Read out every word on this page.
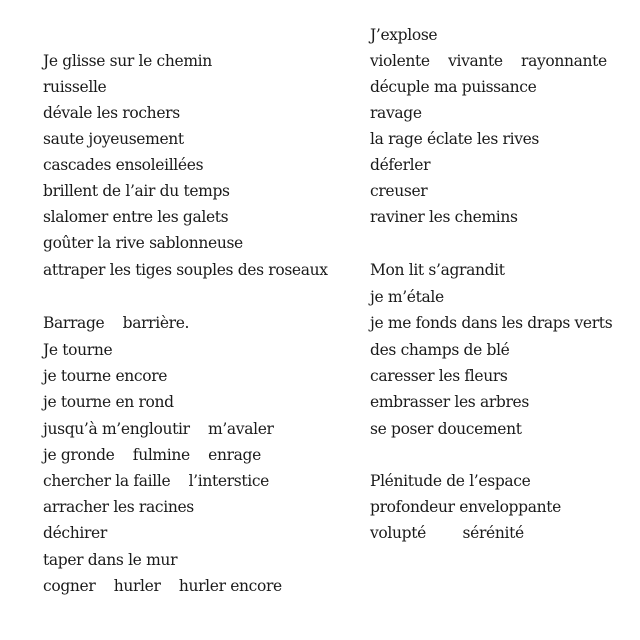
Je glisse sur le chemin
ruisselle
dévale les rochers
saute joyeusement
cascades ensoleillées
brillent de l’air du temps
slalomer entre les galets
goûter la rive sablonneuse
attraper les tiges souples des roseaux
Barrage    barrière.
Je tourne
je tourne encore
je tourne en rond
jusqu’à m’engloutir    m’avaler
je gronde    fulmine    enrage
chercher la faille    l’interstice
arracher les racines
déchirer
taper dans le mur
cogner    hurler    hurler encore
J’explose
violente    vivante    rayonnante
décuple ma puissance
ravage
la rage éclate les rives
déferler
creuser
raviner les chemins
Mon lit s’agrandit
je m’étale
je me fonds dans les draps verts
des champs de blé
caresser les fleurs
embrasser les arbres
se poser doucement
Plénitude de l’espace
profondeur enveloppante
volupté        sérénité
